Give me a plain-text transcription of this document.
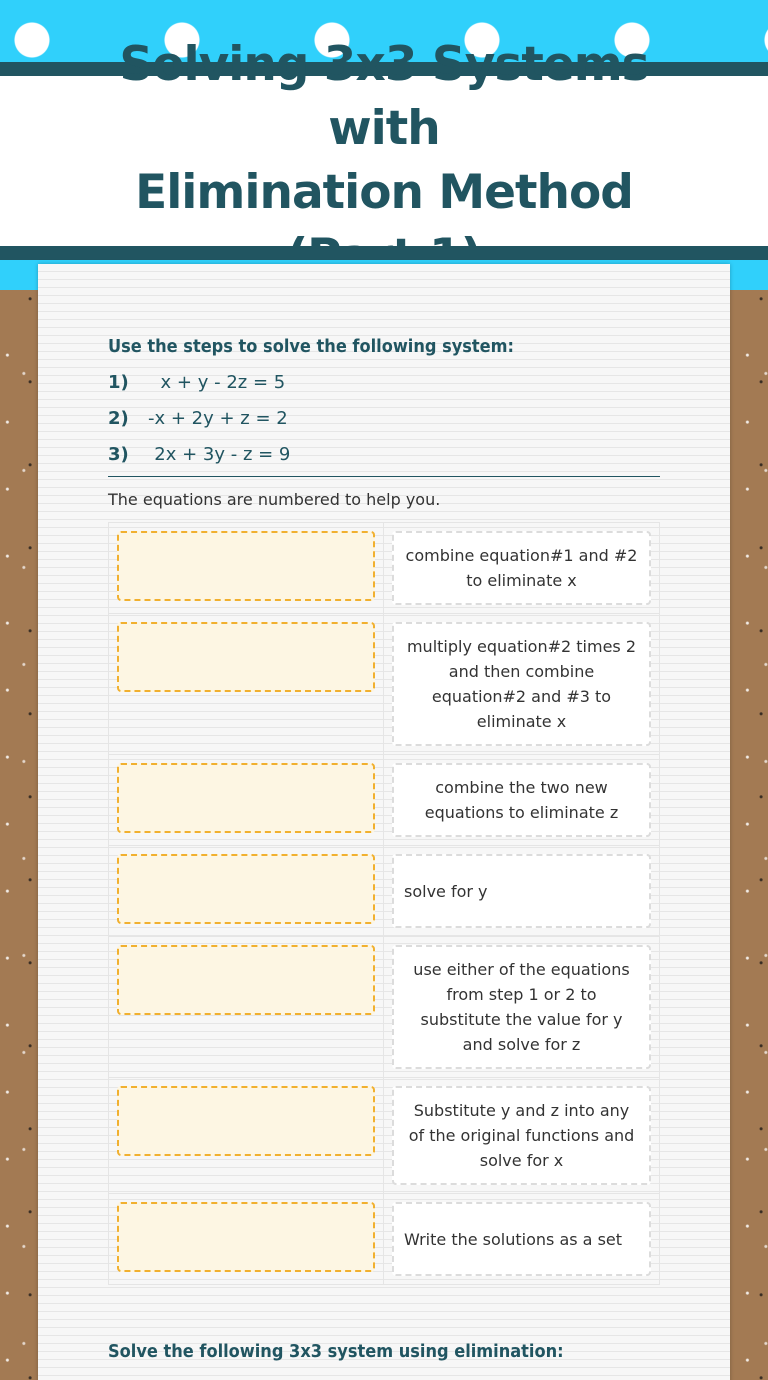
Solving 3x3 Systems with
Elimination Method
Use the steps to solve the following system:
1) x + y - 2z = 5
2) -x + 2y + z = 2
3) 2x + 3y - z = 9
The equations are numbered to help you.
combine equation#1 and #2 to eliminate x
multiply equation#2 times 2 and then combine equation#2 and #3 to eliminate x
combine the two new equations to eliminate z
solve for y
use either of the equations from step 1 or 2 to substitute the value for y and solve for z
Substitute y and z into any of the original functions and solve for x
Write the solutions as a set
Solve the following 3x3 system using elimination:
